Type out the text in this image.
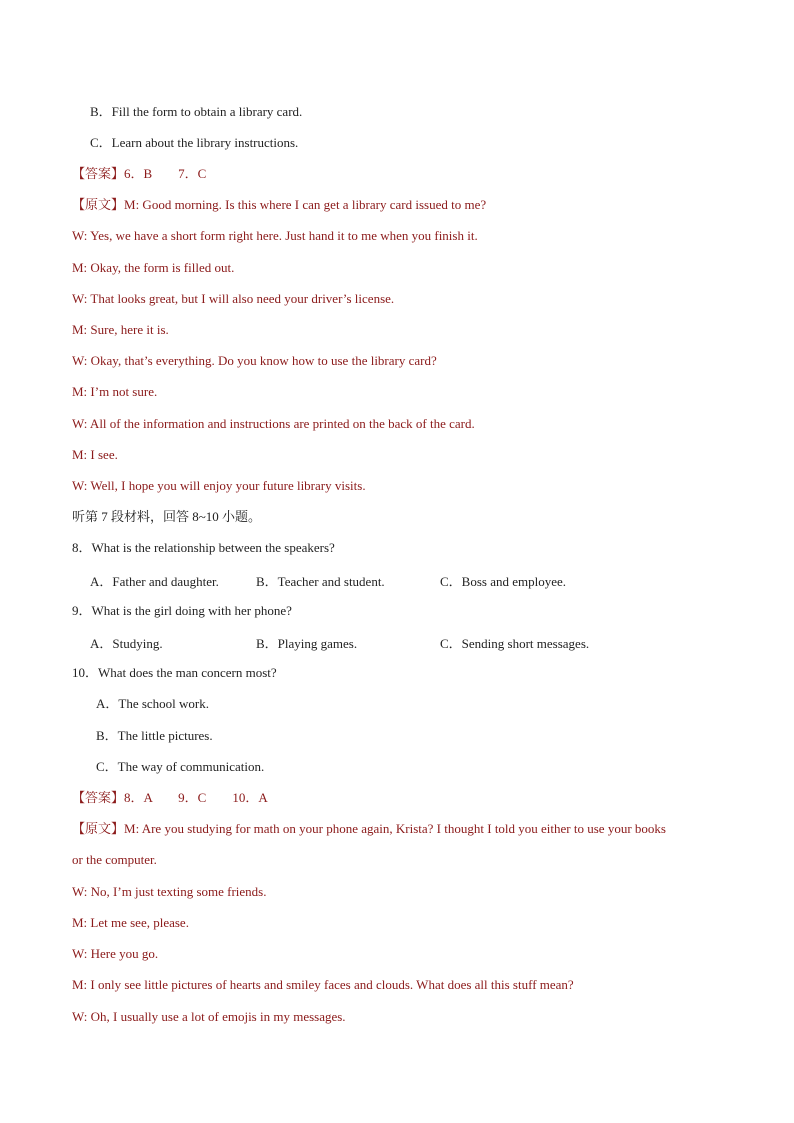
B．Fill the form to obtain a library card.
C．Learn about the library instructions.
【答案】6．B　　7．C
【原文】M: Good morning. Is this where I can get a library card issued to me?
W: Yes, we have a short form right here. Just hand it to me when you finish it.
M: Okay, the form is filled out.
W: That looks great, but I will also need your driver’s license.
M: Sure, here it is.
W: Okay, that’s everything. Do you know how to use the library card?
M: I’m not sure.
W: All of the information and instructions are printed on the back of the card.
M: I see.
W: Well, I hope you will enjoy your future library visits.
听第 7 段材料，回答 8~10 小题。
8．What is the relationship between the speakers?
A．Father and daughter.	B．Teacher and student.	C．Boss and employee.
9．What is the girl doing with her phone?
A．Studying.	B．Playing games.	C．Sending short messages.
10．What does the man concern most?
A．The school work.
B．The little pictures.
C．The way of communication.
【答案】8．A　　9．C　　10．A
【原文】M: Are you studying for math on your phone again, Krista? I thought I told you either to use your books
or the computer.
W: No, I’m just texting some friends.
M: Let me see, please.
W: Here you go.
M: I only see little pictures of hearts and smiley faces and clouds. What does all this stuff mean?
W: Oh, I usually use a lot of emojis in my messages.
